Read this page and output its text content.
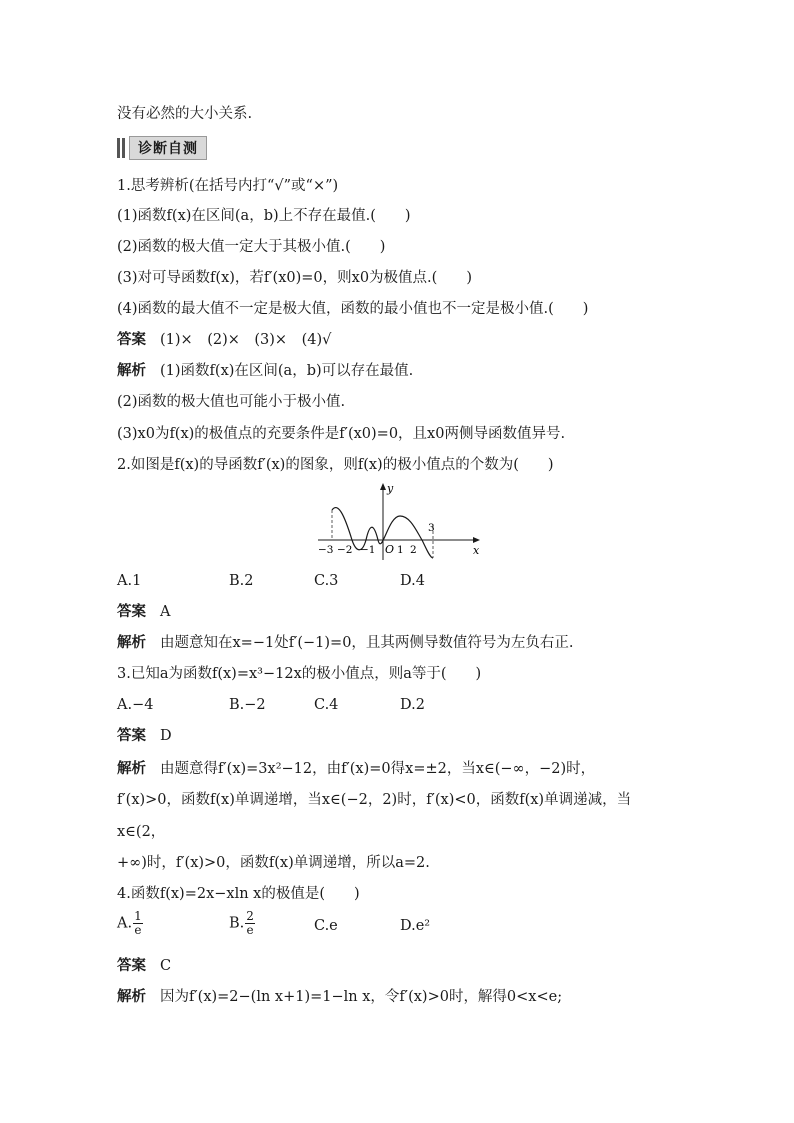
没有必然的大小关系.
诊断自测
1.思考辨析(在括号内打“√”或“×”)
(1)函数f(x)在区间(a，b)上不存在最值.(　　)
(2)函数的极大值一定大于其极小值.(　　)
(3)对可导函数f(x)，若f′(x0)=0，则x0为极值点.(　　)
(4)函数的最大值不一定是极大值，函数的最小值也不一定是极小值.(　　)
答案 (1)×　(2)×　(3)×　(4)√
解析 (1)函数f(x)在区间(a，b)可以存在最值.
(2)函数的极大值也可能小于极小值.
(3)x0为f(x)的极值点的充要条件是f′(x0)=0，且x0两侧导函数值异号.
2.如图是f(x)的导函数f′(x)的图象，则f(x)的极小值点的个数为(　　)
y
x
O
−3 −2 −1 1 2
3
A.1	B.2	C.3	D.4
答案 A
解析 由题意知在x=−1处f′(−1)=0，且其两侧导数值符号为左负右正.
3.已知a为函数f(x)=x³−12x的极小值点，则a等于(　　)
A.−4	B.−2	C.4	D.2
答案 D
解析 由题意得f′(x)=3x²−12，由f′(x)=0得x=±2，当x∈(−∞，−2)时，
f′(x)>0，函数f(x)单调递增，当x∈(−2，2)时，f′(x)<0，函数f(x)单调递减，当
x∈(2，
+∞)时，f′(x)>0，函数f(x)单调递增，所以a=2.
4.函数f(x)=2x−xln x的极值是(　　)
A. $\frac{1}{e}$	B. $\frac{2}{e}$	C.e	D.e²
答案 C
解析 因为f′(x)=2−(ln x+1)=1−ln x，令f′(x)>0时，解得0<x<e;
